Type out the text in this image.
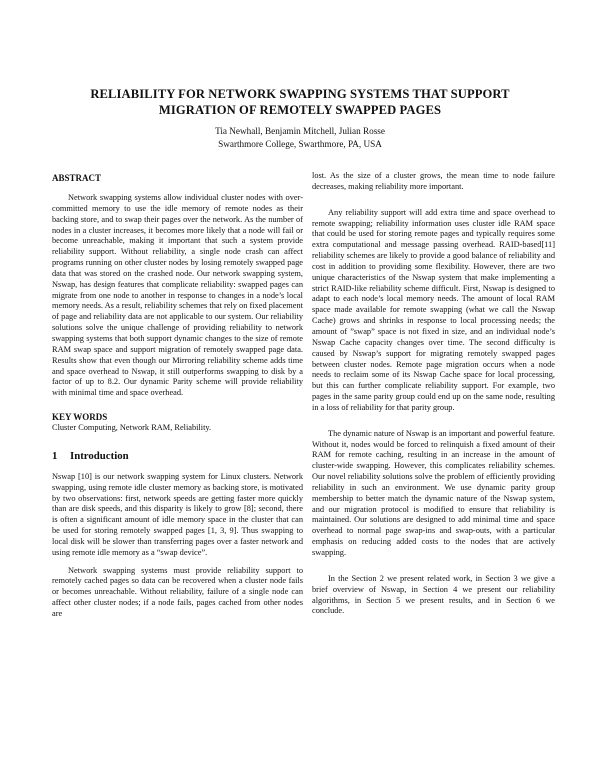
RELIABILITY FOR NETWORK SWAPPING SYSTEMS THAT SUPPORT
MIGRATION OF REMOTELY SWAPPED PAGES
Tia Newhall, Benjamin Mitchell, Julian Rosse
Swarthmore College, Swarthmore, PA, USA

ABSTRACT

Network swapping systems allow individual cluster nodes with over-committed memory to use the idle memory of remote nodes as their backing store, and to swap their pages over the network. As the number of nodes in a cluster increases, it becomes more likely that a node will fail or become unreachable, making it important that such a system provide reliability support. Without reliability, a single node crash can affect programs running on other cluster nodes by losing remotely swapped page data that was stored on the crashed node. Our network swapping system, Nswap, has design features that complicate reliability: swapped pages can migrate from one node to another in response to changes in a node’s local memory needs. As a result, reliability schemes that rely on fixed placement of page and reliability data are not applicable to our system. Our reliability solutions solve the unique challenge of providing reliability to network swapping systems that both support dynamic changes to the size of remote RAM swap space and support migration of remotely swapped page data. Results show that even though our Mirroring reliability scheme adds time and space overhead to Nswap, it still outperforms swapping to disk by a factor of up to 8.2. Our dynamic Parity scheme will provide reliability with minimal time and space overhead.

KEY WORDS

Cluster Computing, Network RAM, Reliability.

1 Introduction

Nswap [10] is our network swapping system for Linux clusters. Network swapping, using remote idle cluster memory as backing store, is motivated by two observations: first, network speeds are getting faster more quickly than are disk speeds, and this disparity is likely to grow [8]; second, there is often a significant amount of idle memory space in the cluster that can be used for storing remotely swapped pages [1, 3, 9]. Thus swapping to local disk will be slower than transferring pages over a faster network and using remote idle memory as a “swap device”.

Network swapping systems must provide reliability support to remotely cached pages so data can be recovered when a cluster node fails or becomes unreachable. Without reliability, failure of a single node can affect other cluster nodes; if a node fails, pages cached from other nodes are

lost. As the size of a cluster grows, the mean time to node failure decreases, making reliability more important.

Any reliability support will add extra time and space overhead to remote swapping; reliability information uses cluster idle RAM space that could be used for storing remote pages and typically requires some extra computational and message passing overhead. RAID-based[11] reliability schemes are likely to provide a good balance of reliability and cost in addition to providing some flexibility. However, there are two unique characteristics of the Nswap system that make implementing a strict RAID-like reliability scheme difficult. First, Nswap is designed to adapt to each node’s local memory needs. The amount of local RAM space made available for remote swapping (what we call the Nswap Cache) grows and shrinks in response to local processing needs; the amount of ”swap” space is not fixed in size, and an individual node’s Nswap Cache capacity changes over time. The second difficulty is caused by Nswap’s support for migrating remotely swapped pages between cluster nodes. Remote page migration occurs when a node needs to reclaim some of its Nswap Cache space for local processing, but this can further complicate reliability support. For example, two pages in the same parity group could end up on the same node, resulting in a loss of reliability for that parity group.

The dynamic nature of Nswap is an important and powerful feature. Without it, nodes would be forced to relinquish a fixed amount of their RAM for remote caching, resulting in an increase in the amount of cluster-wide swapping. However, this complicates reliability schemes. Our novel reliability solutions solve the problem of efficiently providing reliability in such an environment. We use dynamic parity group membership to better match the dynamic nature of the Nswap system, and our migration protocol is modified to ensure that reliability is maintained. Our solutions are designed to add minimal time and space overhead to normal page swap-ins and swap-outs, with a particular emphasis on reducing added costs to the nodes that are actively swapping.

In the Section 2 we present related work, in Section 3 we give a brief overview of Nswap, in Section 4 we present our reliability algorithms, in Section 5 we present results, and in Section 6 we conclude.
